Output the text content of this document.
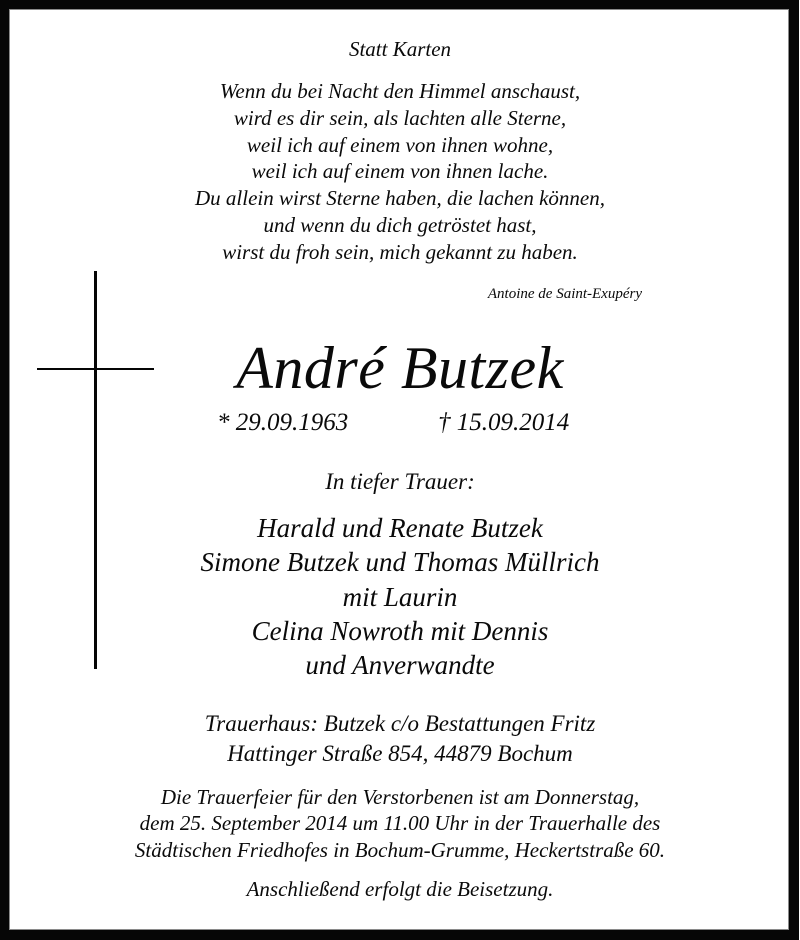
Statt Karten
Wenn du bei Nacht den Himmel anschaust,
wird es dir sein, als lachten alle Sterne,
weil ich auf einem von ihnen wohne,
weil ich auf einem von ihnen lache.
Du allein wirst Sterne haben, die lachen können,
und wenn du dich getröstet hast,
wirst du froh sein, mich gekannt zu haben.
Antoine de Saint-Exupéry
André Butzek
* 29.09.1963	† 15.09.2014
In tiefer Trauer:
Harald und Renate Butzek
Simone Butzek und Thomas Müllrich
mit Laurin
Celina Nowroth mit Dennis
und Anverwandte
Trauerhaus: Butzek c/o Bestattungen Fritz
Hattinger Straße 854, 44879 Bochum
Die Trauerfeier für den Verstorbenen ist am Donnerstag,
dem 25. September 2014 um 11.00 Uhr in der Trauerhalle des
Städtischen Friedhofes in Bochum-Grumme, Heckertstraße 60.
Anschließend erfolgt die Beisetzung.
